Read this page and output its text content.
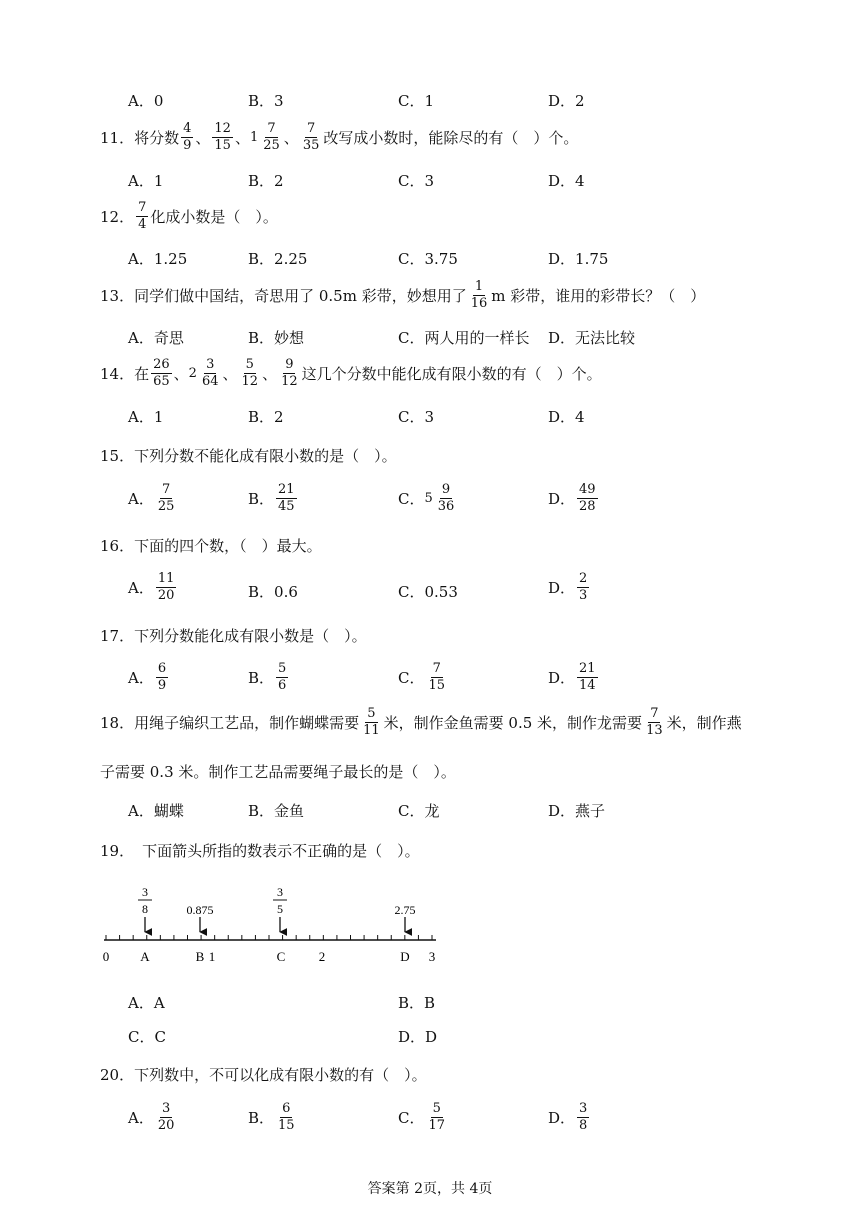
A．0	B．3	C．1	D．2
11． 将分数 $\frac{4}{9}$ 、 $\frac{12}{15}$ 、 $1 \frac{7}{25}$ 、 $\frac{7}{35}$ 改写成小数时，能除尽的有（　）个。
A．1	B．2	C．3	D．4
12． $\frac{7}{4}$ 化成小数是（　）。
A．1.25	B．2.25	C．3.75	D．1.75
13． 同学们做中国结，奇思用了 0.5m 彩带，妙想用了 $\frac{1}{16}$ m 彩带，谁用的彩带长？（　）
A．奇思	B．妙想	C．两人用的一样长 D．无法比较
14． 在 $\frac{26}{65}$ 、 $2 \frac{3}{64}$ 、 $\frac{5}{12}$ 、 $\frac{9}{12}$ 这几个分数中能化成有限小数的有（　）个。
A．1	B．2	C．3	D．4
15． 下列分数不能化成有限小数的是（　）。
A． $\frac{7}{25}$	B． $\frac{21}{45}$	C． $5 \frac{9}{36}$	D． $\frac{49}{28}$
16． 下面的四个数，（　）最大。
A． $\frac{11}{20}$	B．0.6	C．0.53	D． $\frac{2}{3}$
17． 下列分数能化成有限小数是（　）。
A． $\frac{6}{9}$	B． $\frac{5}{6}$	C． $\frac{7}{15}$	D． $\frac{21}{14}$
18． 用绳子编织工艺品，制作蝴蝶需要 $\frac{5}{11}$ 米，制作金鱼需要 0.5 米，制作龙需要 $\frac{7}{13}$ 米，制作燕
子需要 0.3 米。制作工艺品需要绳子最长的是（　）。
A．蝴蝶	B．金鱼	C．龙	D．燕子
19． 下面箭头所指的数表示不正确的是（　）。
0 A	B 1	C	2	D 3
3
8	0.875
3
5	2.75
A．A	B．B
C．C	D．D
20． 下列数中，不可以化成有限小数的有（　）。
A． $\frac{3}{20}$	B． $\frac{6}{15}$	C． $\frac{5}{17}$	D． $\frac{3}{8}$
答案第 2页，共 4页
